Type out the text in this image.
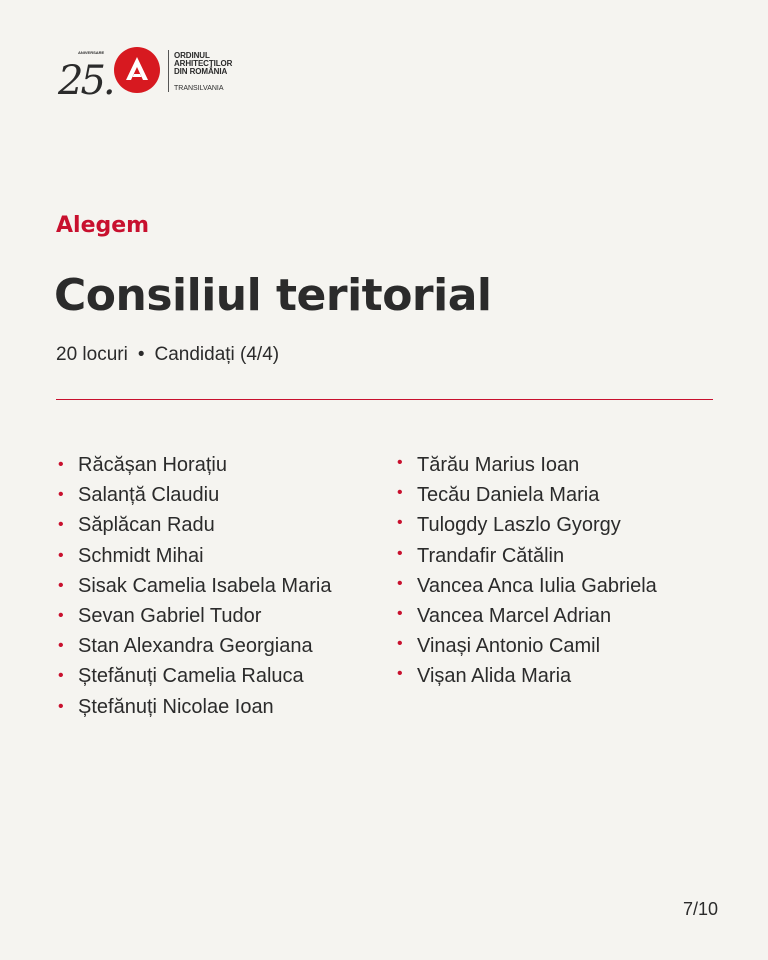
ANIVERSARE
25.
ORDINUL
ARHITECȚILOR
DIN ROMÂNIA
TRANSILVANIA
Alegem
Consiliul teritorial
20 locuri • Candidați (4/4)
• Răcășan Horațiu
• Salanță Claudiu
• Săplăcan Radu
• Schmidt Mihai
• Sisak Camelia Isabela Maria
• Sevan Gabriel Tudor
• Stan Alexandra Georgiana
• Ștefănuți Camelia Raluca
• Ștefănuți Nicolae Ioan
• Tărău Marius Ioan
• Tecău Daniela Maria
• Tulogdy Laszlo Gyorgy
• Trandafir Cătălin
• Vancea Anca Iulia Gabriela
• Vancea Marcel Adrian
• Vinași Antonio Camil
• Vișan Alida Maria
7/10
